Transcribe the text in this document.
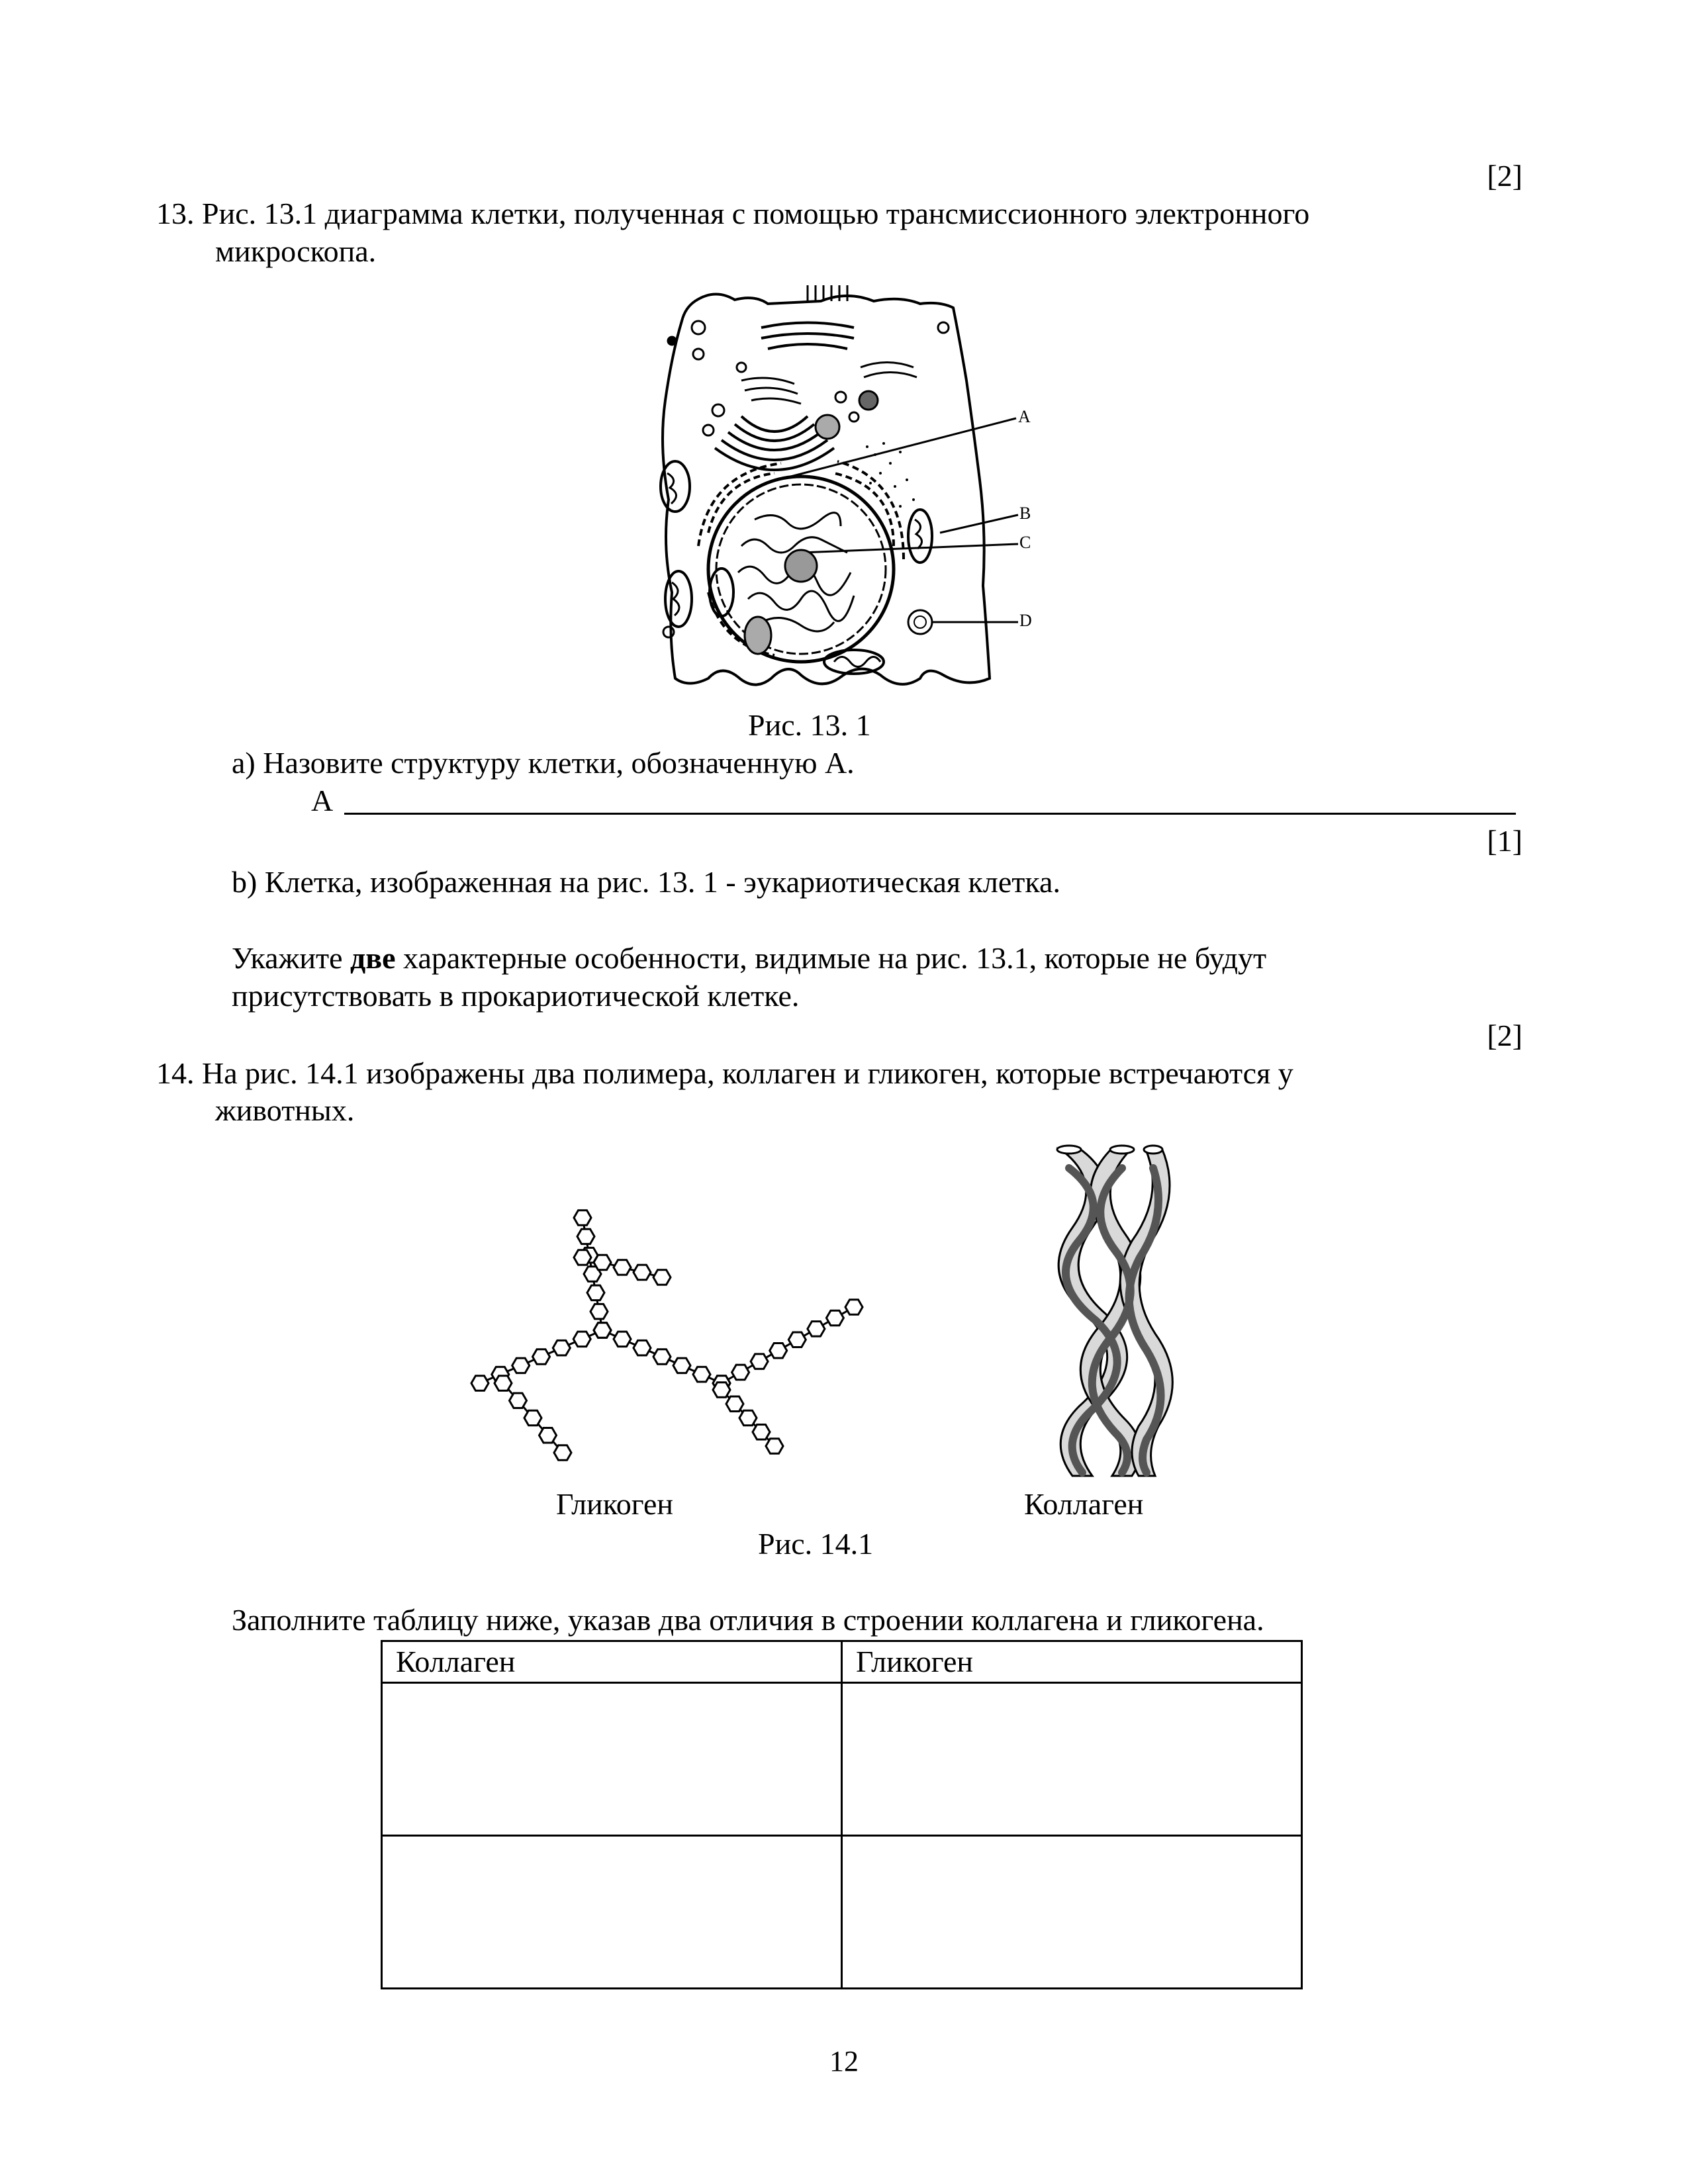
[2]
13. Рис. 13.1 диаграмма клетки, полученная с помощью трансмиссионного электронного
микроскопа.
A
B
C
D
Рис. 13. 1
a) Назовите структуру клетки, обозначенную А.
А
[1]
b) Клетка, изображенная на рис. 13. 1 - эукариотическая клетка.
Укажите две характерные особенности, видимые на рис. 13.1, которые не будут
присутствовать в прокариотической клетке.
[2]
14. На рис. 14.1 изображены два полимера, коллаген и гликоген, которые встречаются у
животных.
Гликоген	Коллаген
Рис. 14.1
Заполните таблицу ниже, указав два отличия в строении коллагена и гликогена.
Коллаген	Гликоген

12
